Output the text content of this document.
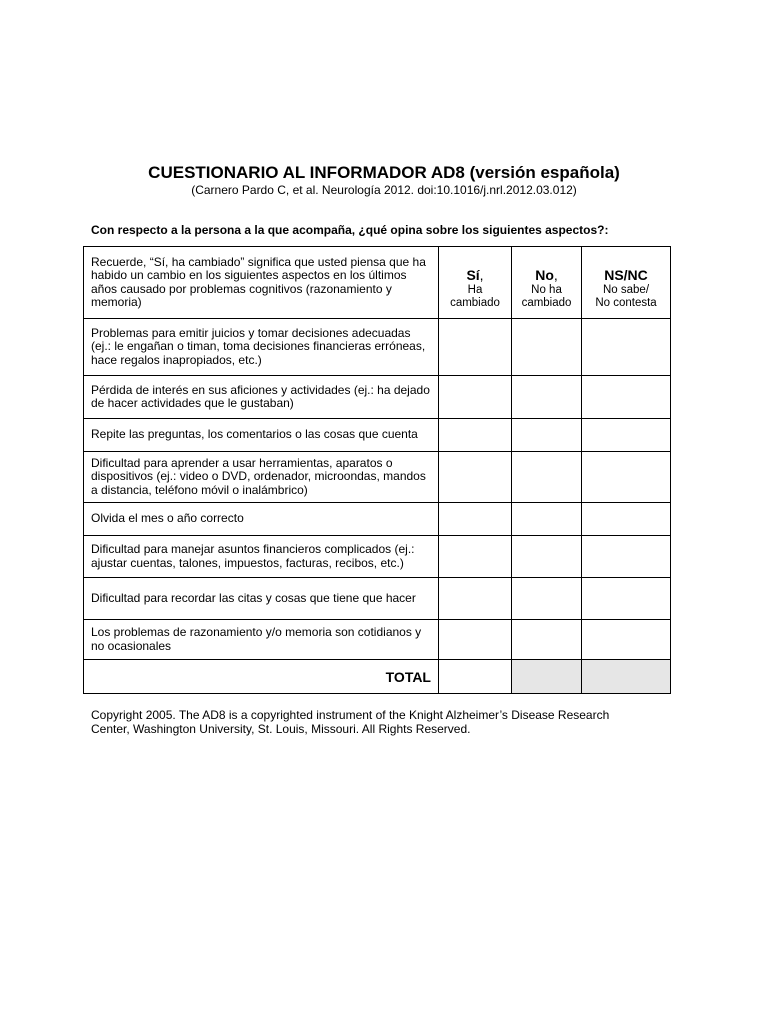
CUESTIONARIO AL INFORMADOR AD8 (versión española)
(Carnero Pardo C, et al. Neurología 2012. doi:10.1016/j.nrl.2012.03.012)
Con respecto a la persona a la que acompaña, ¿qué opina sobre los siguientes aspectos?:
Recuerde, “Sí, ha cambiado” significa que usted piensa que ha habido un cambio en los siguientes aspectos en los últimos años causado por problemas cognitivos (razonamiento y memoria)	Sí,
Ha
cambiado	No,
No ha
cambiado	NS/NC
No sabe/
No contesta

Problemas para emitir juicios y tomar decisiones adecuadas (ej.: le engañan o timan, toma decisiones financieras erróneas, hace regalos inapropiados, etc.)			
Pérdida de interés en sus aficiones y actividades (ej.: ha dejado de hacer actividades que le gustaban)			
Repite las preguntas, los comentarios o las cosas que cuenta			
Dificultad para aprender a usar herramientas, aparatos o dispositivos (ej.: video o DVD, ordenador, microondas, mandos a distancia, teléfono móvil o inalámbrico)			
Olvida el mes o año correcto			
Dificultad para manejar asuntos financieros complicados (ej.: ajustar cuentas, talones, impuestos, facturas, recibos, etc.)			
Dificultad para recordar las citas y cosas que tiene que hacer			
Los problemas de razonamiento y/o memoria son cotidianos y no ocasionales			
TOTAL			
Copyright 2005. The AD8 is a copyrighted instrument of the Knight Alzheimer’s Disease Research Center, Washington University, St. Louis, Missouri. All Rights Reserved.
